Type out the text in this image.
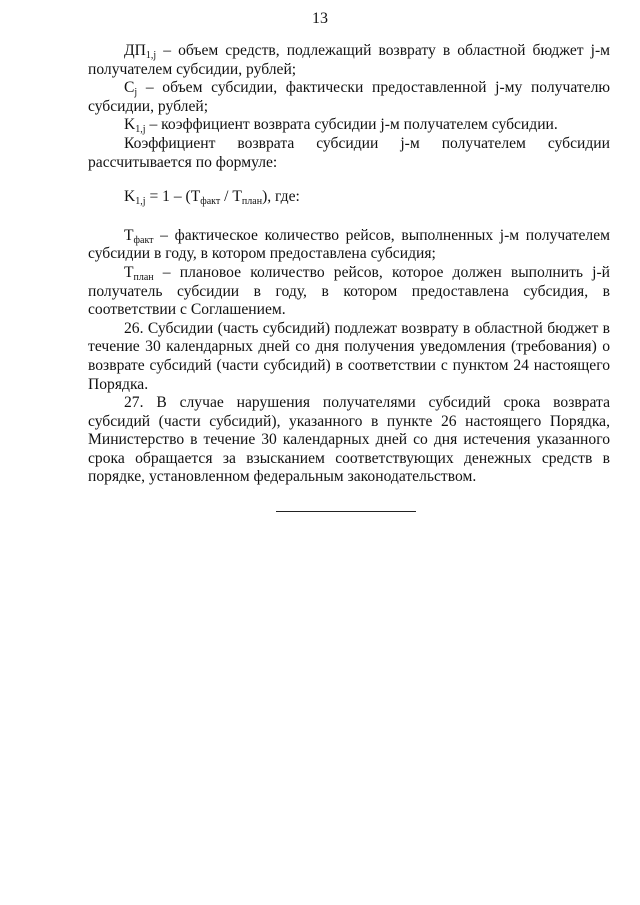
13

$ДП_{1,j}$ – объем средств, подлежащий возврату в областной бюджет j-м получателем субсидии, рублей;

$C_j$ – объем субсидии, фактически предоставленной j-му получателю субсидии, рублей;

$K_{1,j}$ – коэффициент возврата субсидии j-м получателем субсидии.

Коэффициент возврата субсидии j-м получателем субсидии рассчитывается по формуле:

$K_{1,j} = 1 - (T_{факт} / T_{план})$, где:

$T_{факт}$ – фактическое количество рейсов, выполненных j-м получателем субсидии в году, в котором предоставлена субсидия;

$T_{план}$ – плановое количество рейсов, которое должен выполнить j-й получатель субсидии в году, в котором предоставлена субсидия, в соответствии с Соглашением.

26. Субсидии (часть субсидий) подлежат возврату в областной бюджет в течение 30 календарных дней со дня получения уведомления (требования) о возврате субсидий (части субсидий) в соответствии с пунктом 24 настоящего Порядка.

27. В случае нарушения получателями субсидий срока возврата субсидий (части субсидий), указанного в пункте 26 настоящего Порядка, Министерство в течение 30 календарных дней со дня истечения указанного срока обращается за взысканием соответствующих денежных средств в порядке, установленном федеральным законодательством.
